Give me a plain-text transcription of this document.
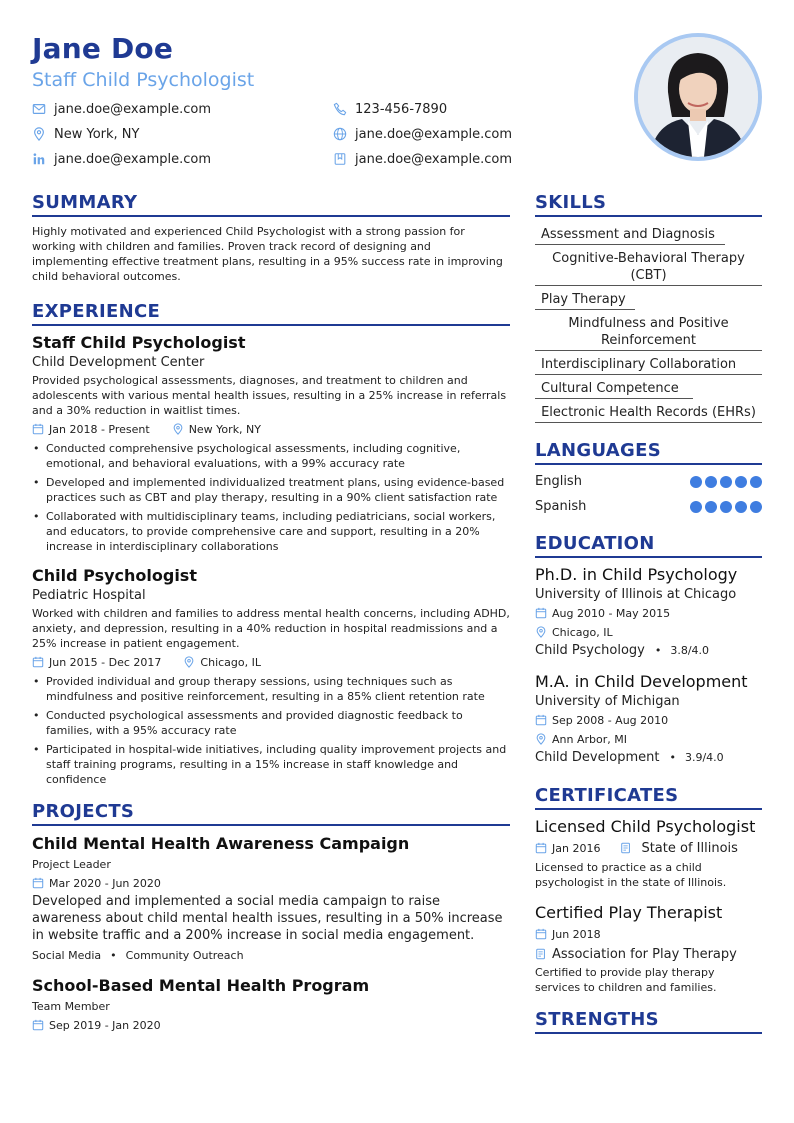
Jane Doe
Staff Child Psychologist
jane.doe@example.com	123-456-7890
New York, NY	jane.doe@example.com
jane.doe@example.com	jane.doe@example.com
SUMMARY
Highly motivated and experienced Child Psychologist with a strong passion for working with children and families. Proven track record of designing and implementing effective treatment plans, resulting in a 95% success rate in improving child behavioral outcomes.
EXPERIENCE
Staff Child Psychologist
Child Development Center
Provided psychological assessments, diagnoses, and treatment to children and adolescents with various mental health issues, resulting in a 25% increase in referrals and a 30% reduction in waitlist times.
Jan 2018 - Present	New York, NY
• Conducted comprehensive psychological assessments, including cognitive, emotional, and behavioral evaluations, with a 99% accuracy rate
• Developed and implemented individualized treatment plans, using evidence-based practices such as CBT and play therapy, resulting in a 90% client satisfaction rate
• Collaborated with multidisciplinary teams, including pediatricians, social workers, and educators, to provide comprehensive care and support, resulting in a 20% increase in interdisciplinary collaborations
Child Psychologist
Pediatric Hospital
Worked with children and families to address mental health concerns, including ADHD, anxiety, and depression, resulting in a 40% reduction in hospital readmissions and a 25% increase in patient engagement.
Jun 2015 - Dec 2017	Chicago, IL
• Provided individual and group therapy sessions, using techniques such as mindfulness and positive reinforcement, resulting in a 85% client retention rate
• Conducted psychological assessments and provided diagnostic feedback to families, with a 95% accuracy rate
• Participated in hospital-wide initiatives, including quality improvement projects and staff training programs, resulting in a 15% increase in staff knowledge and confidence
PROJECTS
Child Mental Health Awareness Campaign
Project Leader
Mar 2020 - Jun 2020
Developed and implemented a social media campaign to raise awareness about child mental health issues, resulting in a 50% increase in website traffic and a 200% increase in social media engagement.
Social Media • Community Outreach
School-Based Mental Health Program
Team Member
Sep 2019 - Jan 2020
SKILLS
Assessment and Diagnosis
Cognitive-Behavioral Therapy (CBT)
Play Therapy
Mindfulness and Positive Reinforcement
Interdisciplinary Collaboration
Cultural Competence
Electronic Health Records (EHRs)
LANGUAGES
English
Spanish
EDUCATION
Ph.D. in Child Psychology
University of Illinois at Chicago
Aug 2010 - May 2015
Chicago, IL
Child Psychology • 3.8/4.0
M.A. in Child Development
University of Michigan
Sep 2008 - Aug 2010
Ann Arbor, MI
Child Development • 3.9/4.0
CERTIFICATES
Licensed Child Psychologist
Jan 2016	State of Illinois
Licensed to practice as a child psychologist in the state of Illinois.
Certified Play Therapist
Jun 2018
Association for Play Therapy
Certified to provide play therapy services to children and families.
STRENGTHS
